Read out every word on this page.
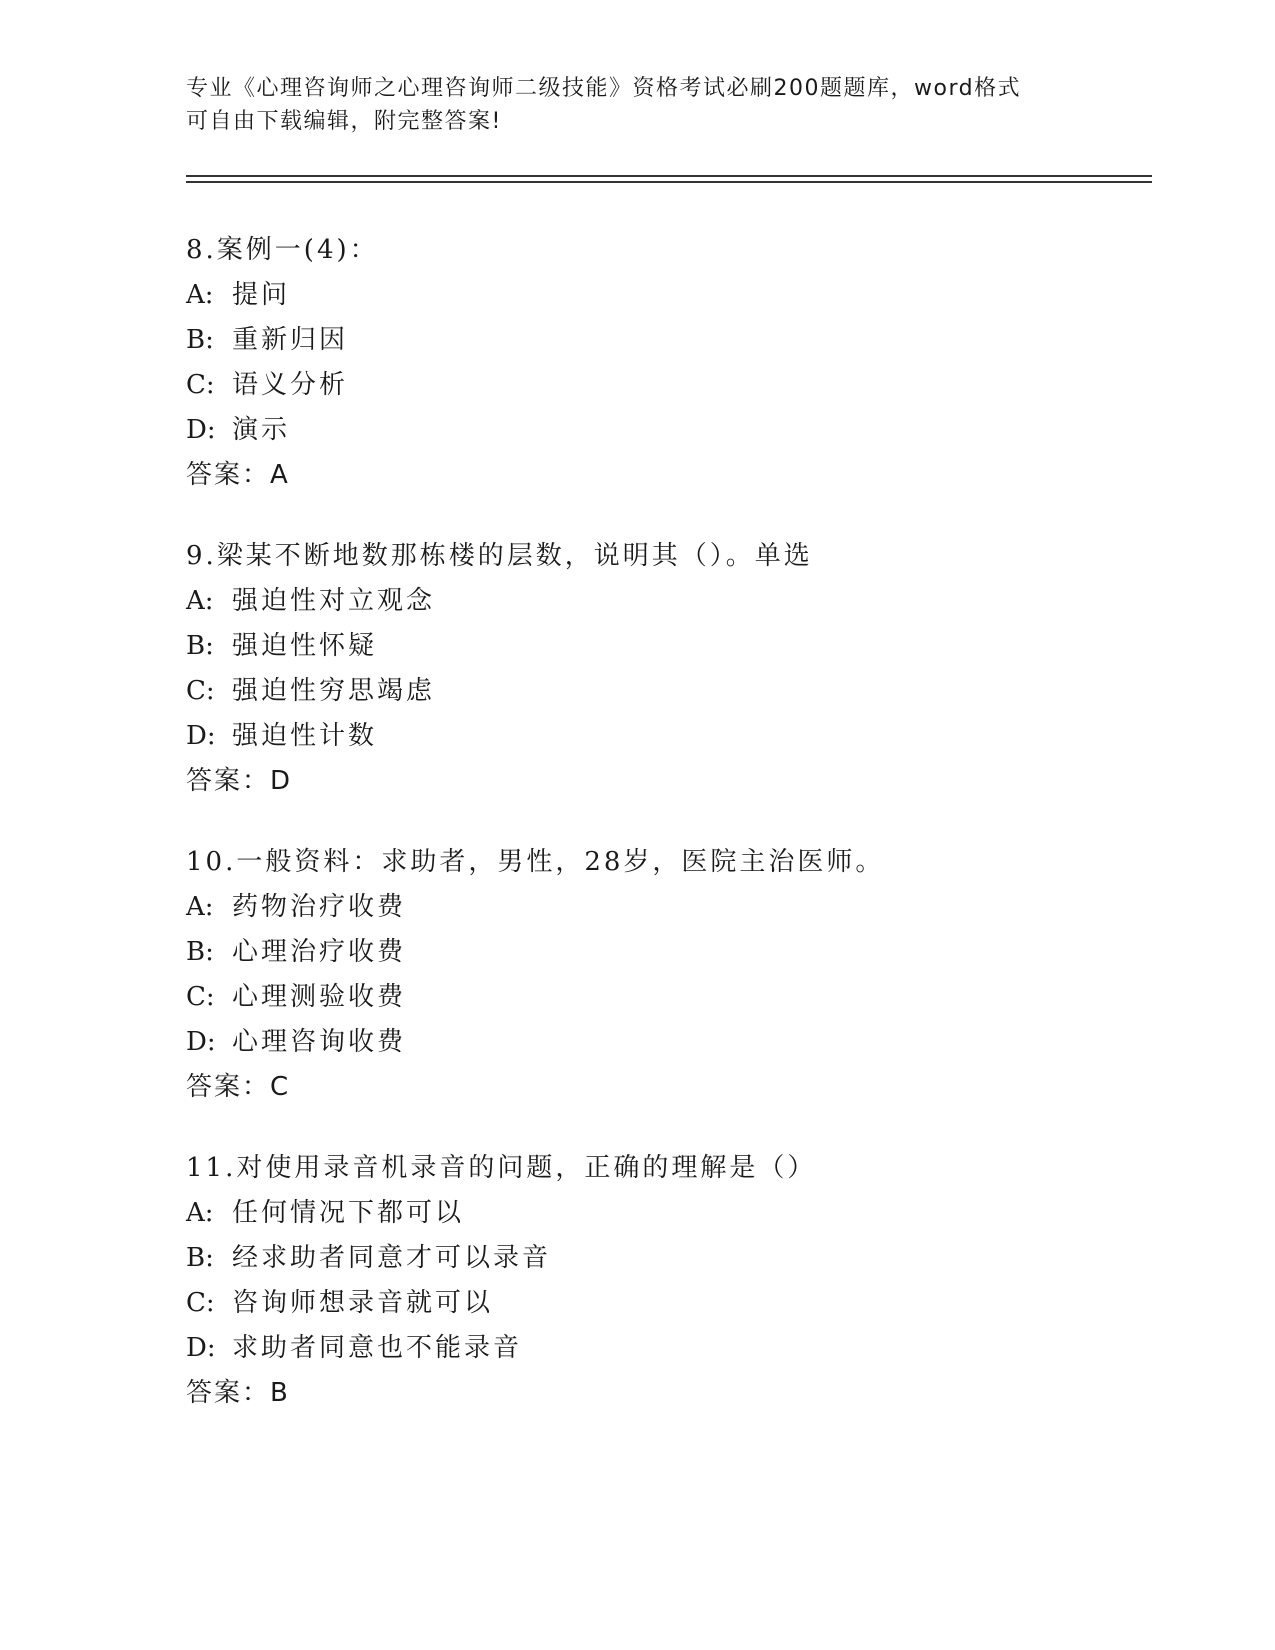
专业《心理咨询师之心理咨询师二级技能》资格考试必刷200题题库，word格式
可自由下载编辑，附完整答案!
8.案例一(4)：
A: 提问
B: 重新归因
C: 语义分析
D: 演示
答案：A
9.梁某不断地数那栋楼的层数，说明其（）。单选
A: 强迫性对立观念
B: 强迫性怀疑
C: 强迫性穷思竭虑
D: 强迫性计数
答案：D
10.一般资料：求助者，男性，28岁，医院主治医师。
A: 药物治疗收费
B: 心理治疗收费
C: 心理测验收费
D: 心理咨询收费
答案：C
11.对使用录音机录音的问题，正确的理解是（）
A: 任何情况下都可以
B: 经求助者同意才可以录音
C: 咨询师想录音就可以
D: 求助者同意也不能录音
答案：B
